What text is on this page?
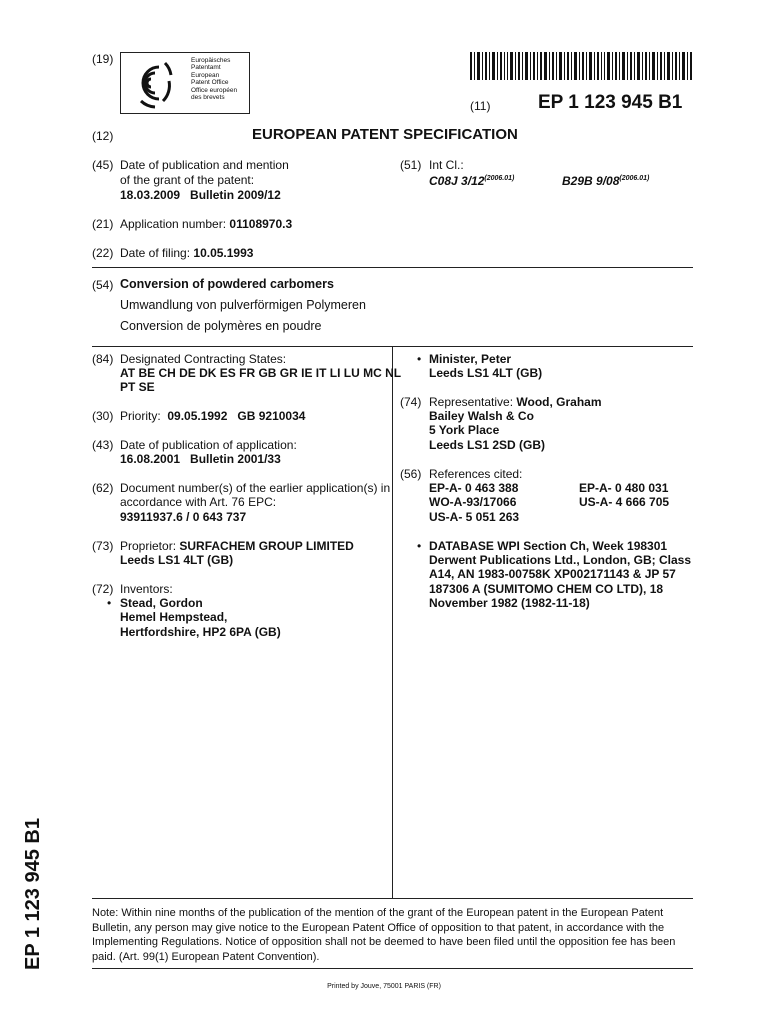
(19)	Europäisches
Patentamt
European
Patent Office
Office européen
des brevets
(11)	EP 1 123 945 B1
(12)	EUROPEAN PATENT SPECIFICATION
(45) Date of publication and mention
of the grant of the patent:
18.03.2009   Bulletin 2009/12
(51) Int Cl.:
C08J $3/12^{(2006.01)}$	B29B $9/08^{(2006.01)}$
(21) Application number: 01108970.3
(22) Date of filing: 10.05.1993
(54) Conversion of powdered carbomers
Umwandlung von pulverförmigen Polymeren
Conversion de polymères en poudre
(84) Designated Contracting States:
AT BE CH DE DK ES FR GB GR IE IT LI LU MC NL
PT SE
(30) Priority: 09.05.1992   GB 9210034
(43) Date of publication of application:
16.08.2001   Bulletin 2001/33
(62) Document number(s) of the earlier application(s) in
accordance with Art. 76 EPC:
93911937.6 / 0 643 737
(73) Proprietor: SURFACHEM GROUP LIMITED
Leeds LS1 4LT (GB)
(72) Inventors:
• Stead, Gordon
Hemel Hempstead,
Hertfordshire, HP2 6PA (GB)
• Minister, Peter
Leeds LS1 4LT (GB)
(74) Representative: Wood, Graham
Bailey Walsh & Co
5 York Place
Leeds LS1 2SD (GB)
(56) References cited:
EP-A- 0 463 388	EP-A- 0 480 031
WO-A-93/17066	US-A- 4 666 705
US-A- 5 051 263
• DATABASE WPI Section Ch, Week 198301
Derwent Publications Ltd., London, GB; Class
A14, AN 1983-00758K XP002171143 & JP 57
187306 A (SUMITOMO CHEM CO LTD), 18
November 1982 (1982-11-18)
EP 1 123 945 B1	Note: Within nine months of the publication of the mention of the grant of the European patent in the European Patent
Bulletin, any person may give notice to the European Patent Office of opposition to that patent, in accordance with the
Implementing Regulations. Notice of opposition shall not be deemed to have been filed until the opposition fee has been
paid. (Art. 99(1) European Patent Convention).
Printed by Jouve, 75001 PARIS (FR)
